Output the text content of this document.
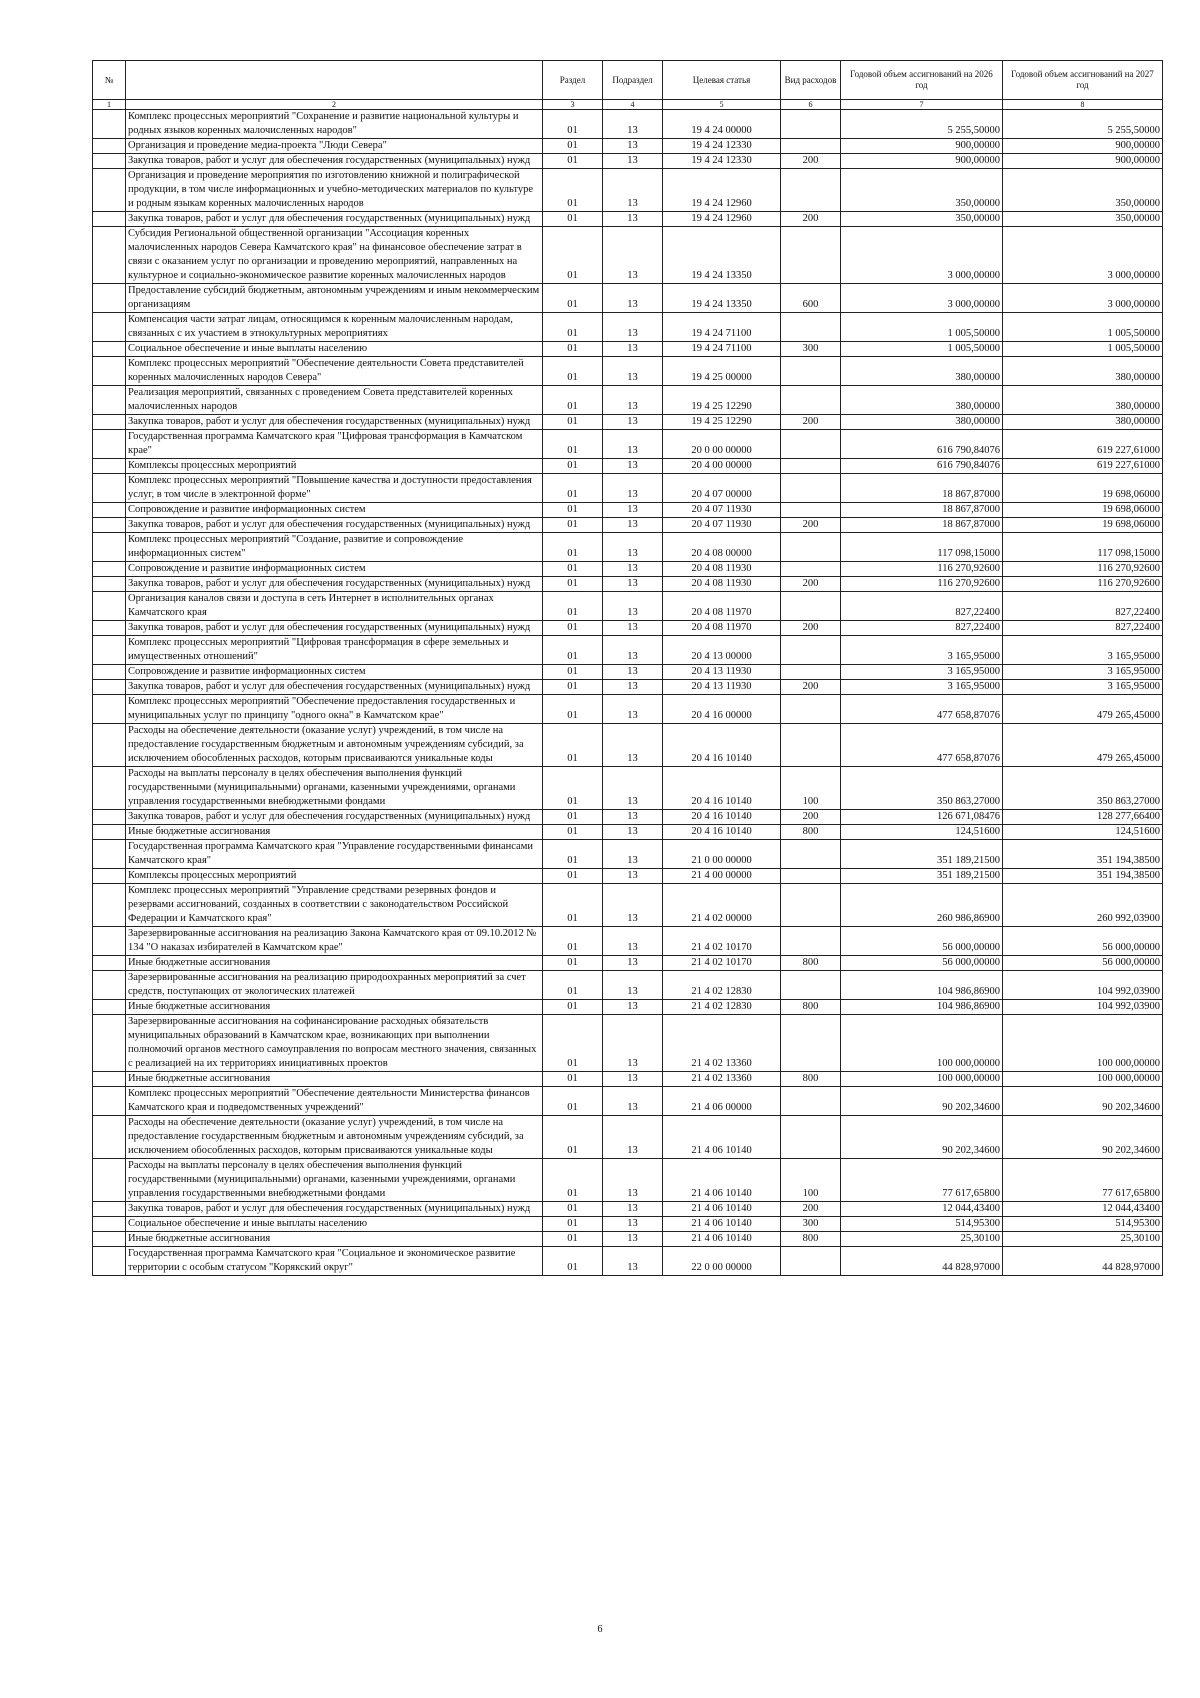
№		Раздел	Подраздел	Целевая статья	Вид расходов	Годовой объем ассигнований на 2026 год	Годовой объем ассигнований на 2027 год
1	2	3	4	5	6	7	8
	Комплекс процессных мероприятий "Сохранение и развитие национальной культуры и родных языков коренных малочисленных народов"	01	13	19 4 24 00000		5 255,50000	5 255,50000
	Организация и проведение медиа-проекта "Люди Севера"	01	13	19 4 24 12330		900,00000	900,00000
	Закупка товаров, работ и услуг для обеспечения государственных (муниципальных) нужд	01	13	19 4 24 12330	200	900,00000	900,00000
	Организация и проведение мероприятия по изготовлению книжной и полиграфической продукции, в том числе информационных и учебно-методических материалов по культуре и родным языкам коренных малочисленных народов	01	13	19 4 24 12960		350,00000	350,00000
	Закупка товаров, работ и услуг для обеспечения государственных (муниципальных) нужд	01	13	19 4 24 12960	200	350,00000	350,00000
	Субсидия Региональной общественной организации "Ассоциация коренных малочисленных народов Севера Камчатского края" на финансовое обеспечение затрат в связи с оказанием услуг по организации и проведению мероприятий, направленных на культурное и социально-экономическое развитие коренных малочисленных народов	01	13	19 4 24 13350		3 000,00000	3 000,00000
	Предоставление субсидий бюджетным, автономным учреждениям и иным некоммерческим организациям	01	13	19 4 24 13350	600	3 000,00000	3 000,00000
	Компенсация части затрат лицам, относящимся к коренным малочисленным народам, связанных с их участием в этнокультурных мероприятиях	01	13	19 4 24 71100		1 005,50000	1 005,50000
	Социальное обеспечение и иные выплаты населению	01	13	19 4 24 71100	300	1 005,50000	1 005,50000
	Комплекс процессных мероприятий "Обеспечение деятельности Совета представителей коренных малочисленных народов Севера"	01	13	19 4 25 00000		380,00000	380,00000
	Реализация мероприятий, связанных с проведением Совета представителей коренных малочисленных народов	01	13	19 4 25 12290		380,00000	380,00000
	Закупка товаров, работ и услуг для обеспечения государственных (муниципальных) нужд	01	13	19 4 25 12290	200	380,00000	380,00000
	Государственная программа Камчатского края "Цифровая трансформация в Камчатском крае"	01	13	20 0 00 00000		616 790,84076	619 227,61000
	Комплексы процессных мероприятий	01	13	20 4 00 00000		616 790,84076	619 227,61000
	Комплекс процессных мероприятий "Повышение качества и доступности предоставления услуг, в том числе в электронной форме"	01	13	20 4 07 00000		18 867,87000	19 698,06000
	Сопровождение и развитие информационных систем	01	13	20 4 07 11930		18 867,87000	19 698,06000
	Закупка товаров, работ и услуг для обеспечения государственных (муниципальных) нужд	01	13	20 4 07 11930	200	18 867,87000	19 698,06000
	Комплекс процессных мероприятий "Создание, развитие и сопровождение информационных систем"	01	13	20 4 08 00000		117 098,15000	117 098,15000
	Сопровождение и развитие информационных систем	01	13	20 4 08 11930		116 270,92600	116 270,92600
	Закупка товаров, работ и услуг для обеспечения государственных (муниципальных) нужд	01	13	20 4 08 11930	200	116 270,92600	116 270,92600
	Организация каналов связи и доступа в сеть Интернет в исполнительных органах Камчатского края	01	13	20 4 08 11970		827,22400	827,22400
	Закупка товаров, работ и услуг для обеспечения государственных (муниципальных) нужд	01	13	20 4 08 11970	200	827,22400	827,22400
	Комплекс процессных мероприятий "Цифровая трансформация в сфере земельных и имущественных отношений"	01	13	20 4 13 00000		3 165,95000	3 165,95000
	Сопровождение и развитие информационных систем	01	13	20 4 13 11930		3 165,95000	3 165,95000
	Закупка товаров, работ и услуг для обеспечения государственных (муниципальных) нужд	01	13	20 4 13 11930	200	3 165,95000	3 165,95000
	Комплекс процессных мероприятий "Обеспечение предоставления государственных и муниципальных услуг по принципу "одного окна" в Камчатском крае"	01	13	20 4 16 00000		477 658,87076	479 265,45000
	Расходы на обеспечение деятельности (оказание услуг) учреждений, в том числе на предоставление государственным бюджетным и автономным учреждениям субсидий, за исключением обособленных расходов, которым присваиваются уникальные коды	01	13	20 4 16 10140		477 658,87076	479 265,45000
	Расходы на выплаты персоналу в целях обеспечения выполнения функций государственными (муниципальными) органами, казенными учреждениями, органами управления государственными внебюджетными фондами	01	13	20 4 16 10140	100	350 863,27000	350 863,27000
	Закупка товаров, работ и услуг для обеспечения государственных (муниципальных) нужд	01	13	20 4 16 10140	200	126 671,08476	128 277,66400
	Иные бюджетные ассигнования	01	13	20 4 16 10140	800	124,51600	124,51600
	Государственная программа Камчатского края "Управление государственными финансами Камчатского края"	01	13	21 0 00 00000		351 189,21500	351 194,38500
	Комплексы процессных мероприятий	01	13	21 4 00 00000		351 189,21500	351 194,38500
	Комплекс процессных мероприятий "Управление средствами резервных фондов и резервами ассигнований, созданных в соответствии с законодательством Российской Федерации и Камчатского края"	01	13	21 4 02 00000		260 986,86900	260 992,03900
	Зарезервированные ассигнования на реализацию Закона Камчатского края от 09.10.2012 № 134 "О наказах избирателей в Камчатском крае"	01	13	21 4 02 10170		56 000,00000	56 000,00000
	Иные бюджетные ассигнования	01	13	21 4 02 10170	800	56 000,00000	56 000,00000
	Зарезервированные ассигнования на реализацию природоохранных мероприятий за счет средств, поступающих от экологических платежей	01	13	21 4 02 12830		104 986,86900	104 992,03900
	Иные бюджетные ассигнования	01	13	21 4 02 12830	800	104 986,86900	104 992,03900
	Зарезервированные ассигнования на софинансирование расходных обязательств муниципальных образований в Камчатском крае, возникающих при выполнении полномочий органов местного самоуправления по вопросам местного значения, связанных с реализацией на их территориях инициативных проектов	01	13	21 4 02 13360		100 000,00000	100 000,00000
	Иные бюджетные ассигнования	01	13	21 4 02 13360	800	100 000,00000	100 000,00000
	Комплекс процессных мероприятий "Обеспечение деятельности Министерства финансов Камчатского края и подведомственных учреждений"	01	13	21 4 06 00000		90 202,34600	90 202,34600
	Расходы на обеспечение деятельности (оказание услуг) учреждений, в том числе на предоставление государственным бюджетным и автономным учреждениям субсидий, за исключением обособленных расходов, которым присваиваются уникальные коды	01	13	21 4 06 10140		90 202,34600	90 202,34600
	Расходы на выплаты персоналу в целях обеспечения выполнения функций государственными (муниципальными) органами, казенными учреждениями, органами управления государственными внебюджетными фондами	01	13	21 4 06 10140	100	77 617,65800	77 617,65800
	Закупка товаров, работ и услуг для обеспечения государственных (муниципальных) нужд	01	13	21 4 06 10140	200	12 044,43400	12 044,43400
	Социальное обеспечение и иные выплаты населению	01	13	21 4 06 10140	300	514,95300	514,95300
	Иные бюджетные ассигнования	01	13	21 4 06 10140	800	25,30100	25,30100
	Государственная программа Камчатского края "Социальное и экономическое развитие территории с особым статусом "Корякский округ"	01	13	22 0 00 00000		44 828,97000	44 828,97000
6
